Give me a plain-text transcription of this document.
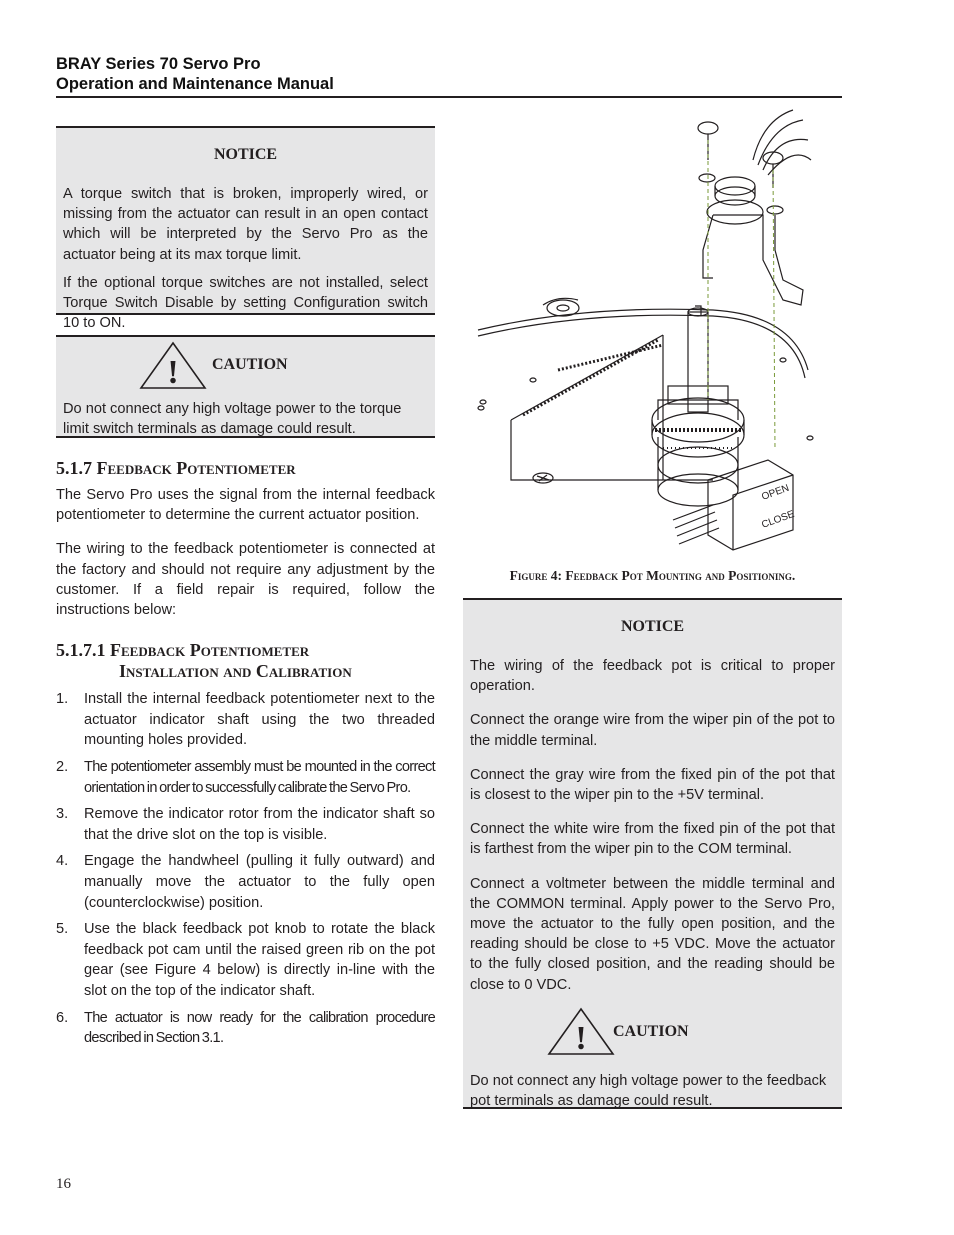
BRAY Series 70 Servo Pro
Operation and Maintenance Manual
NOTICE

A torque switch that is broken, improperly wired, or missing from the actuator can result in an open contact which will be interpreted by the Servo Pro as the actuator being at its max torque limit.

If the optional torque switches are not installed, select Torque Switch Disable by setting Configuration switch 10 to ON.

! CAUTION

Do not connect any high voltage power to the torque limit switch terminals as damage could result.

5.1.7 Feedback Potentiometer

The Servo Pro uses the signal from the internal feedback potentiometer to determine the current actuator position.

The wiring to the feedback potentiometer is connected at the factory and should not require any adjustment by the customer. If a field repair is required, follow the instructions below:

5.1.7.1 Feedback Potentiometer
Installation and Calibration
1. Install the internal feedback potentiometer next to the actuator indicator shaft using the two threaded mounting holes provided.
2. The potentiometer assembly must be mounted in the correct orientation in order to successfully calibrate the Servo Pro.
3. Remove the indicator rotor from the indicator shaft so that the drive slot on the top is visible.
4. Engage the handwheel (pulling it fully outward) and manually move the actuator to the fully open (counterclockwise) position.
5. Use the black feedback pot knob to rotate the black feedback pot cam until the raised green rib on the pot gear (see Figure 4 below) is directly in-line with the slot on the top of the indicator shaft.
6. The actuator is now ready for the calibration procedure described in Section 3.1.
OPEN
CLOSE
Figure 4: Feedback Pot Mounting and Positioning.
NOTICE

The wiring of the feedback pot is critical to proper operation.

Connect the orange wire from the wiper pin of the pot to the middle terminal.

Connect the gray wire from the fixed pin of the pot that is closest to the wiper pin to the +5V terminal.

Connect the white wire from the fixed pin of the pot that is farthest from the wiper pin to the COM terminal.

Connect a voltmeter between the middle terminal and the COMMON terminal. Apply power to the Servo Pro, move the actuator to the fully open position, and the reading should be close to +5 VDC. Move the actuator to the fully closed position, and the reading should be close to 0 VDC.

! CAUTION

Do not connect any high voltage power to the feedback pot terminals as damage could result.

16
